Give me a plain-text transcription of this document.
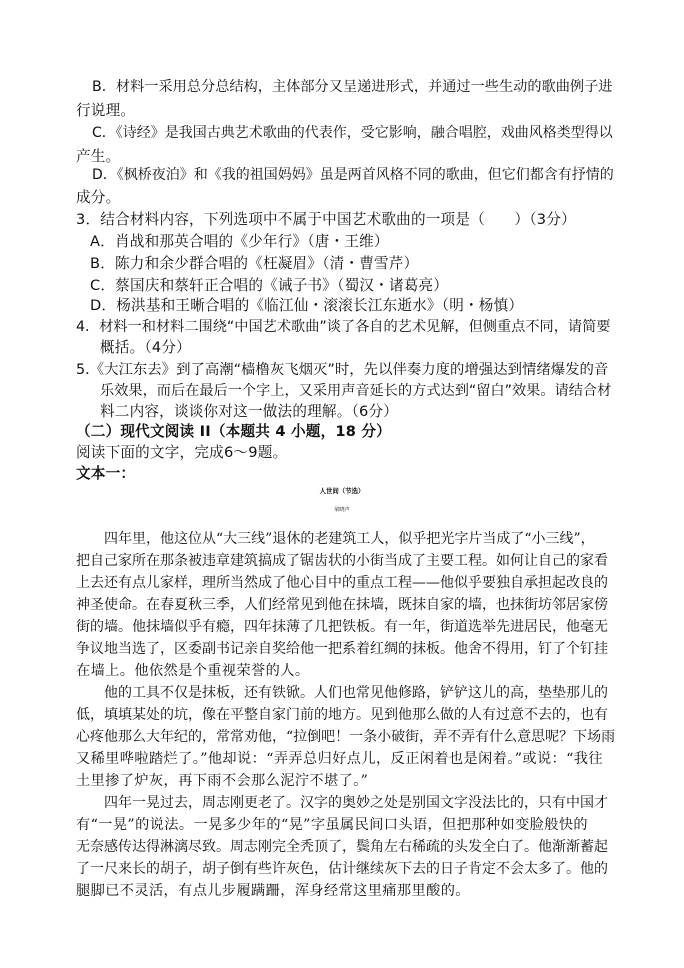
B．材料一采用总分总结构，主体部分又呈递进形式，并通过一些生动的歌曲例子进
行说理。
C．《诗经》是我国古典艺术歌曲的代表作，受它影响，融合唱腔，戏曲风格类型得以
产生。
D．《枫桥夜泊》和《我的祖国妈妈》虽是两首风格不同的歌曲，但它们都含有抒情的
成分。
3．结合材料内容，下列选项中不属于中国艺术歌曲的一项是（　　）（3分）
A．肖战和那英合唱的《少年行》（唐・王维）
B．陈力和余少群合唱的《枉凝眉》（清・曹雪芹）
C．蔡国庆和蔡轩正合唱的《诫子书》（蜀汉・诸葛亮）
D．杨洪基和王晰合唱的《临江仙・滚滚长江东逝水》（明・杨慎）
4．材料一和材料二围绕“中国艺术歌曲”谈了各自的艺术见解，但侧重点不同，请简要
概括。（4分）
5.《大江东去》到了高潮“樯橹灰飞烟灭”时，先以伴奏力度的增强达到情绪爆发的音
乐效果，而后在最后一个字上，又采用声音延长的方式达到“留白”效果。请结合材
料二内容，谈谈你对这一做法的理解。（6分）
（二）现代文阅读 II（本题共 4 小题，18 分）
阅读下面的文字，完成6～9题。
文本一：
人世间（节选）
梁晓声
　　四年里，他这位从“大三线”退休的老建筑工人，似乎把光字片当成了“小三线”，
把自己家所在那条被违章建筑搞成了锯齿状的小街当成了主要工程。如何让自己的家看
上去还有点儿家样，理所当然成了他心目中的重点工程——他似乎要独自承担起改良的
神圣使命。在春夏秋三季，人们经常见到他在抹墙，既抹自家的墙，也抹街坊邻居家傍
街的墙。他抹墙似乎有瘾，四年抹薄了几把铁板。有一年，街道选举先进居民，他毫无
争议地当选了，区委副书记亲自奖给他一把系着红绸的抹板。他舍不得用，钉了个钉挂
在墙上。他依然是个重视荣誉的人。
　　他的工具不仅是抹板，还有铁锨。人们也常见他修路，铲铲这儿的高，垫垫那儿的
低，填填某处的坑，像在平整自家门前的地方。见到他那么做的人有过意不去的，也有
心疼他那么大年纪的，常常劝他，“拉倒吧！一条小破街，弄不弄有什么意思呢？下场雨
又稀里哗啦踏烂了。”他却说：“弄弄总归好点儿，反正闲着也是闲着。”或说：“我往
土里掺了炉灰，再下雨不会那么泥泞不堪了。”
　　四年一晃过去，周志刚更老了。汉字的奥妙之处是别国文字没法比的，只有中国才
有“一晃”的说法。一晃多少年的“晃”字虽属民间口头语，但把那种如变脸般快的
无奈感传达得淋漓尽致。周志刚完全秃顶了，鬓角左右稀疏的头发全白了。他渐渐蓄起
了一尺来长的胡子，胡子倒有些许灰色，估计继续灰下去的日子肯定不会太多了。他的
腿脚已不灵活，有点儿步履蹒跚，浑身经常这里痛那里酸的。
